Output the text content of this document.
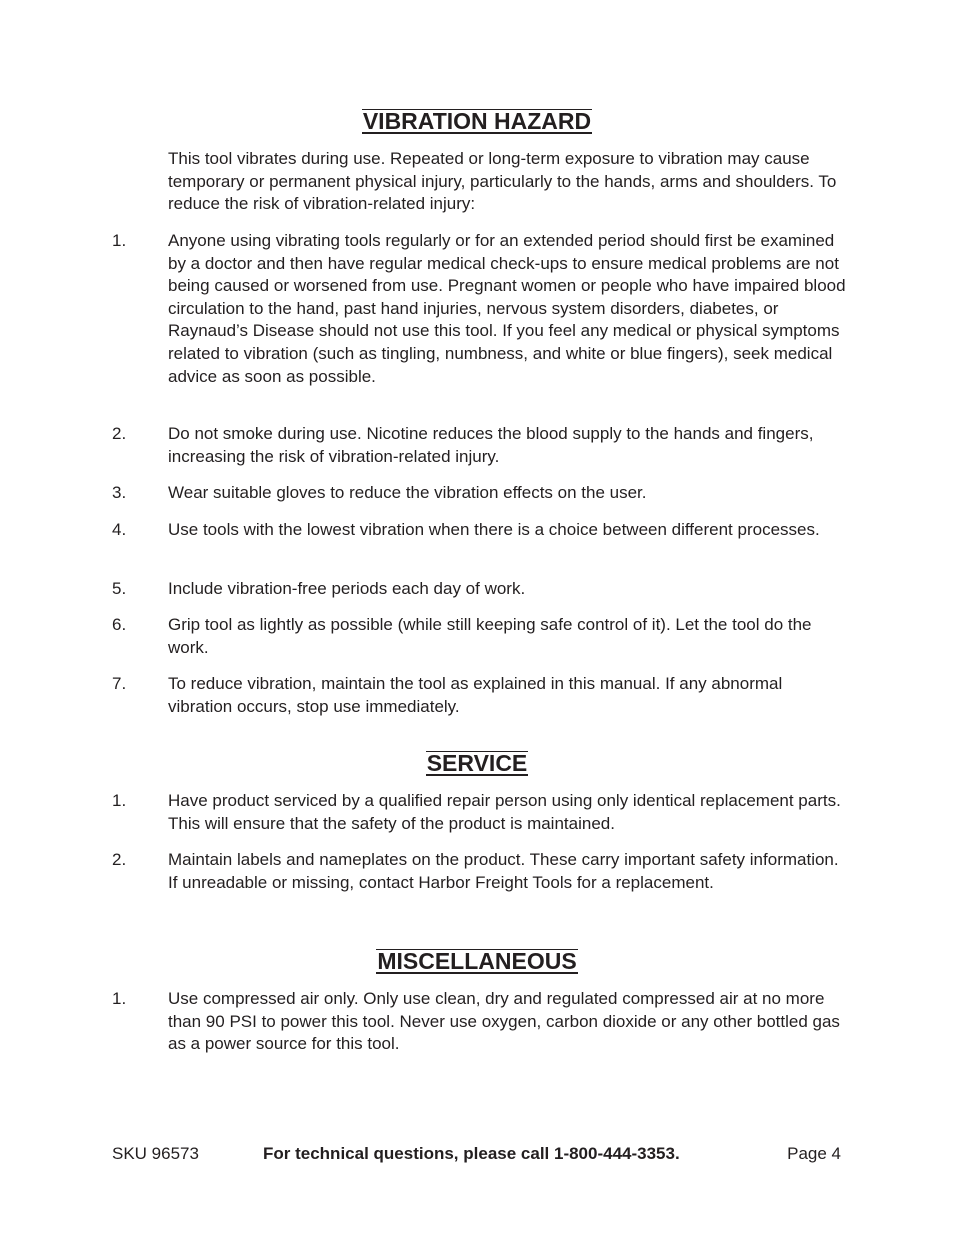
VIBRATION HAZARD

This tool vibrates during use. Repeated or long-term exposure to vibration may cause temporary or permanent physical injury, particularly to the hands, arms and shoulders. To reduce the risk of vibration-related injury:

1. Anyone using vibrating tools regularly or for an extended period should first be examined by a doctor and then have regular medical check-ups to ensure medical problems are not being caused or worsened from use. Pregnant women or people who have impaired blood circulation to the hand, past hand injuries, nervous system disorders, diabetes, or Raynaud’s Disease should not use this tool. If you feel any medical or physical symptoms related to vibration (such as tingling, numbness, and white or blue fingers), seek medical advice as soon as possible.

2. Do not smoke during use. Nicotine reduces the blood supply to the hands and fingers, increasing the risk of vibration-related injury.

3. Wear suitable gloves to reduce the vibration effects on the user.

4. Use tools with the lowest vibration when there is a choice between different processes.

5. Include vibration-free periods each day of work.

6. Grip tool as lightly as possible (while still keeping safe control of it). Let the tool do the work.

7. To reduce vibration, maintain the tool as explained in this manual. If any abnormal vibration occurs, stop use immediately.

SERVICE
1. Have product serviced by a qualified repair person using only identical replacement parts. This will ensure that the safety of the product is maintained.

2. Maintain labels and nameplates on the product. These carry important safety information. If unreadable or missing, contact Harbor Freight Tools for a replacement.

MISCELLANEOUS
1. Use compressed air only. Only use clean, dry and regulated compressed air at no more than 90 PSI to power this tool. Never use oxygen, carbon dioxide or any other bottled gas as a power source for this tool.

SKU 96573	For technical questions, please call 1-800-444-3353.	Page 4
